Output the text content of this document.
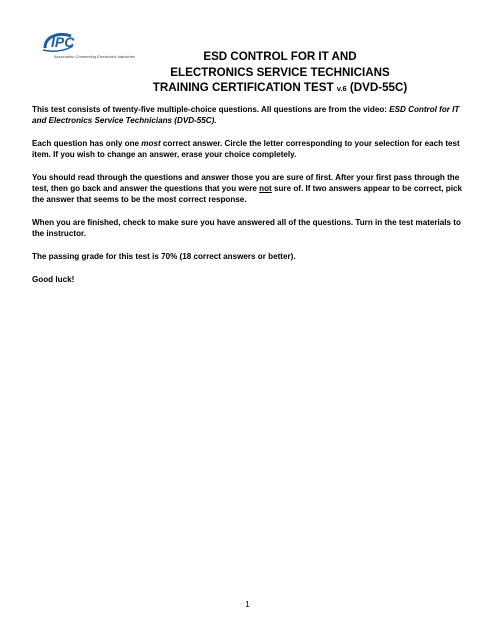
IPC
Association Connecting Electronics Industries	ESD CONTROL FOR IT AND
ELECTRONICS SERVICE TECHNICIANS
TRAINING CERTIFICATION TEST v.6 (DVD-55C)

This test consists of twenty-five multiple-choice questions. All questions are from the video: ESD Control for IT and Electronics Service Technicians (DVD-55C).

Each question has only one most correct answer. Circle the letter corresponding to your selection for each test item. If you wish to change an answer, erase your choice completely.

You should read through the questions and answer those you are sure of first. After your first pass through the test, then go back and answer the questions that you were not sure of. If two answers appear to be correct, pick the answer that seems to be the most correct response.

When you are finished, check to make sure you have answered all of the questions. Turn in the test materials to the instructor.

The passing grade for this test is 70% (18 correct answers or better).

Good luck!

1
